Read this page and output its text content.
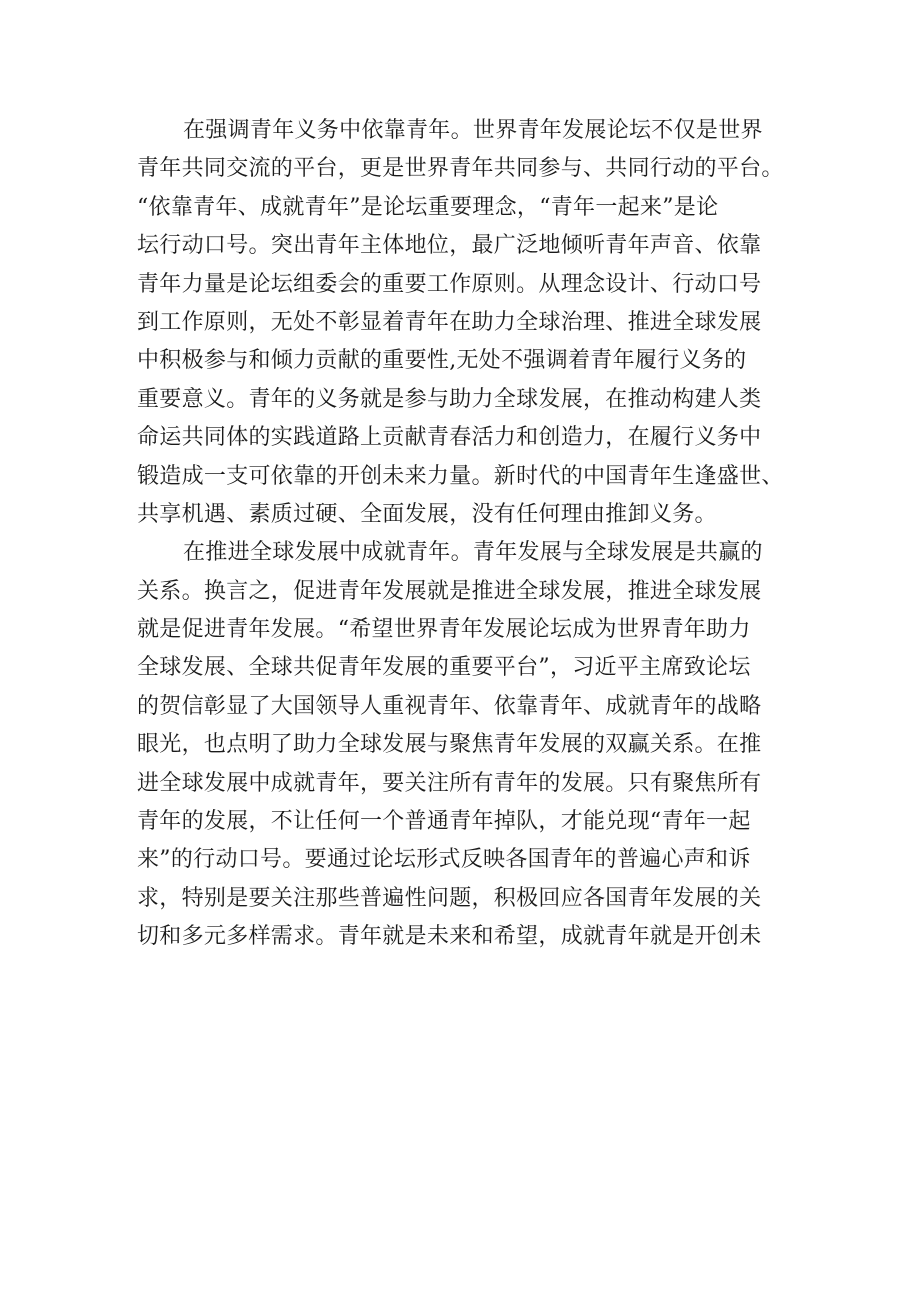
在强调青年义务中依靠青年。世界青年发展论坛不仅是世界
青年共同交流的平台，更是世界青年共同参与、共同行动的平台。
“依靠青年、成就青年”是论坛重要理念，“青年一起来”是论
坛行动口号。突出青年主体地位，最广泛地倾听青年声音、依靠
青年力量是论坛组委会的重要工作原则。从理念设计、行动口号
到工作原则，无处不彰显着青年在助力全球治理、推进全球发展
中积极参与和倾力贡献的重要性,无处不强调着青年履行义务的
重要意义。青年的义务就是参与助力全球发展，在推动构建人类
命运共同体的实践道路上贡献青春活力和创造力，在履行义务中
锻造成一支可依靠的开创未来力量。新时代的中国青年生逢盛世、
共享机遇、素质过硬、全面发展，没有任何理由推卸义务。
在推进全球发展中成就青年。青年发展与全球发展是共赢的
关系。换言之，促进青年发展就是推进全球发展，推进全球发展
就是促进青年发展。“希望世界青年发展论坛成为世界青年助力
全球发展、全球共促青年发展的重要平台”，习近平主席致论坛
的贺信彰显了大国领导人重视青年、依靠青年、成就青年的战略
眼光，也点明了助力全球发展与聚焦青年发展的双赢关系。在推
进全球发展中成就青年，要关注所有青年的发展。只有聚焦所有
青年的发展，不让任何一个普通青年掉队，才能兑现“青年一起
来”的行动口号。要通过论坛形式反映各国青年的普遍心声和诉
求，特别是要关注那些普遍性问题，积极回应各国青年发展的关
切和多元多样需求。青年就是未来和希望，成就青年就是开创未
